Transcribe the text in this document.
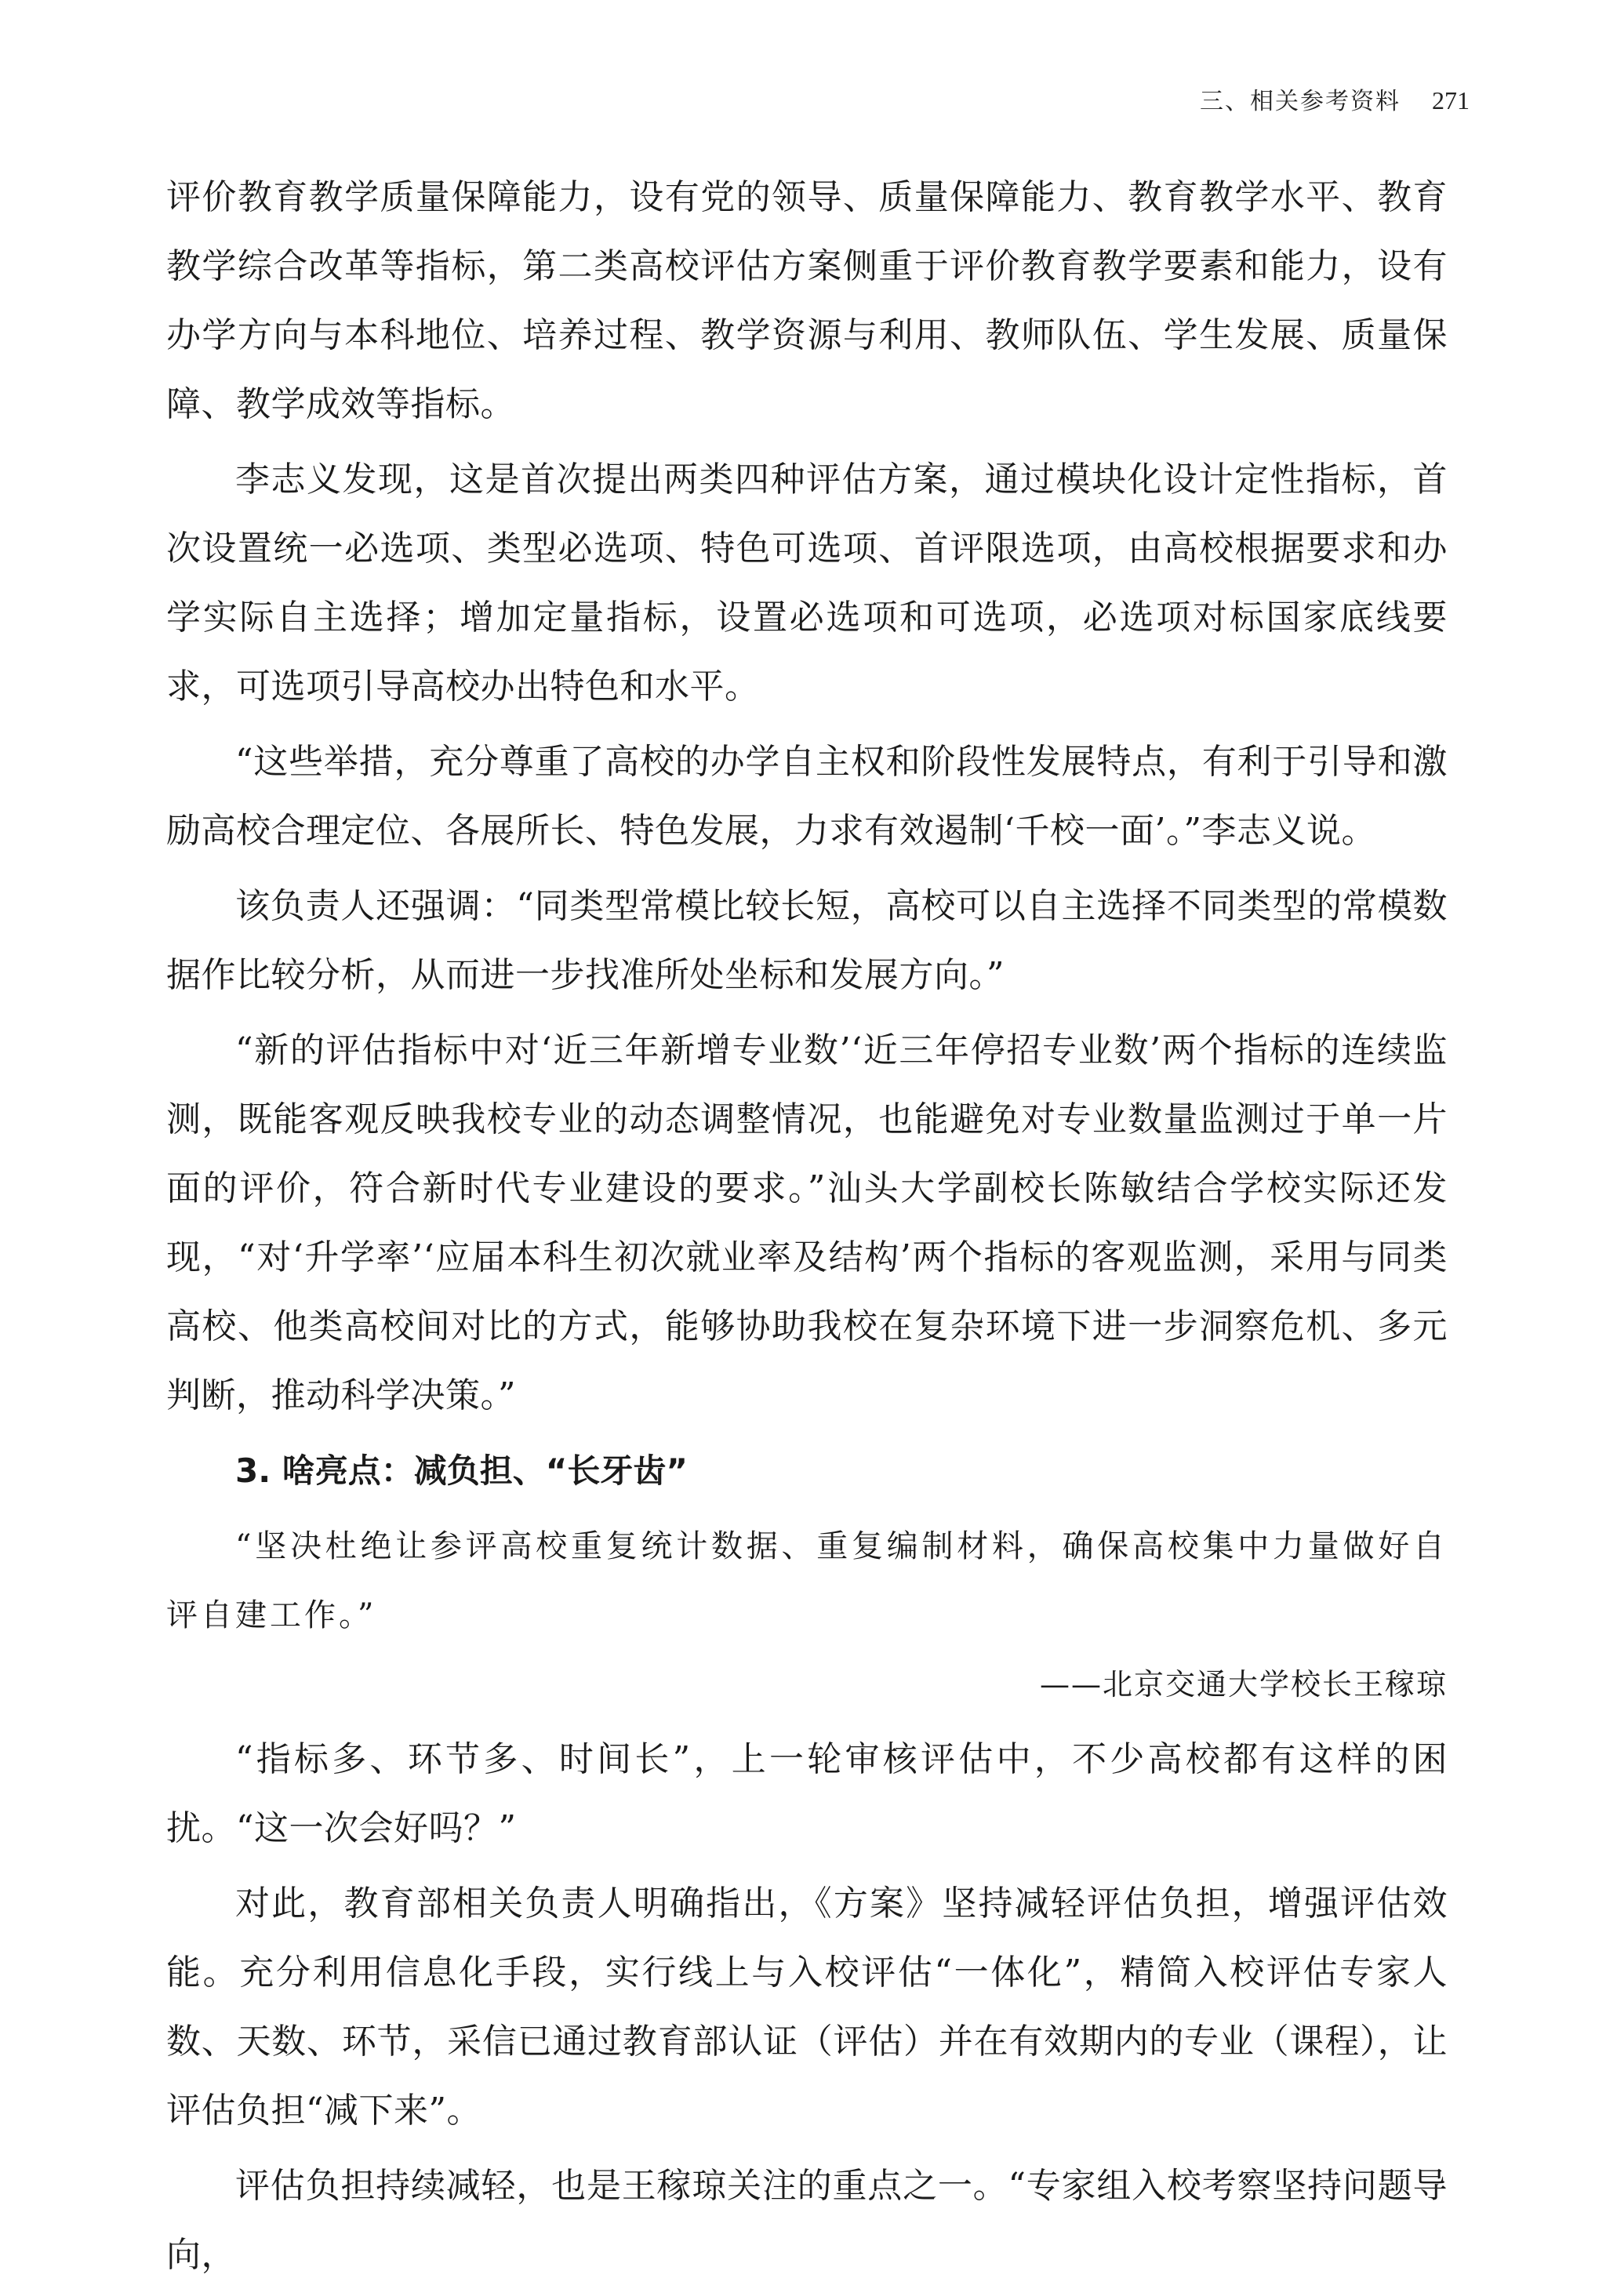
三、相关参考资料 271

评价教育教学质量保障能力，设有党的领导、质量保障能力、教育教学水平、教育教学综合改革等指标，第二类高校评估方案侧重于评价教育教学要素和能力，设有办学方向与本科地位、培养过程、教学资源与利用、教师队伍、学生发展、质量保障、教学成效等指标。

李志义发现，这是首次提出两类四种评估方案，通过模块化设计定性指标，首次设置统一必选项、类型必选项、特色可选项、首评限选项，由高校根据要求和办学实际自主选择；增加定量指标，设置必选项和可选项，必选项对标国家底线要求，可选项引导高校办出特色和水平。

“这些举措，充分尊重了高校的办学自主权和阶段性发展特点，有利于引导和激励高校合理定位、各展所长、特色发展，力求有效遏制‘千校一面’。”李志义说。

该负责人还强调：“同类型常模比较长短，高校可以自主选择不同类型的常模数据作比较分析，从而进一步找准所处坐标和发展方向。”

“新的评估指标中对‘近三年新增专业数’‘近三年停招专业数’两个指标的连续监测，既能客观反映我校专业的动态调整情况，也能避免对专业数量监测过于单一片面的评价，符合新时代专业建设的要求。”汕头大学副校长陈敏结合学校实际还发现，“对‘升学率’‘应届本科生初次就业率及结构’两个指标的客观监测，采用与同类高校、他类高校间对比的方式，能够协助我校在复杂环境下进一步洞察危机、多元判断，推动科学决策。”

3. 啥亮点：减负担、“长牙齿”

“坚决杜绝让参评高校重复统计数据、重复编制材料，确保高校集中力量做好自评自建工作。”

——北京交通大学校长王稼琼

“指标多、环节多、时间长”，上一轮审核评估中，不少高校都有这样的困扰。“这一次会好吗？”

对此，教育部相关负责人明确指出，《方案》坚持减轻评估负担，增强评估效能。充分利用信息化手段，实行线上与入校评估“一体化”，精简入校评估专家人数、天数、环节，采信已通过教育部认证（评估）并在有效期内的专业（课程），让评估负担“减下来”。

评估负担持续减轻，也是王稼琼关注的重点之一。“专家组入校考察坚持问题导向，
